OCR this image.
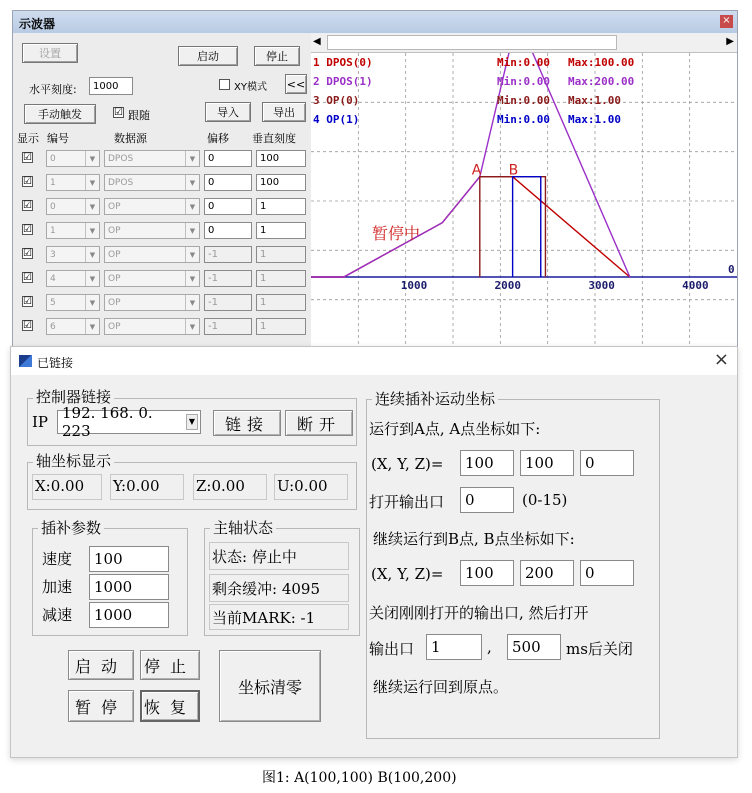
示波器	×
设置	启动	停止
水平刻度:	1000	XY模式 <<
手动触发	☑ 跟随	导入	导出
显示 编号	数据源	偏移 垂直刻度
☑ 0	▼	DPOS	▼	0	100
☑ 1	▼	DPOS	▼	0	100
☑ 0	▼	OP	▼	0	1
☑ 1	▼	OP	▼	0	1
☑ 3	▼	OP	▼	-1	1
☑ 4	▼	OP	▼	-1	1
☑ 5	▼	OP	▼	-1	1
☑ 6	▼	OP	▼	-1	1
◀	▶
1000	2000	3000	4000
0
A B
暂停中
1 DPOS(0)	Min:0.00 Max:100.00
2 DPOS(1)	Min:0.00 Max:200.00
3 OP(0)	Min:0.00 Max:1.00
4 OP(1)	Min:0.00 Max:1.00
已链接	×
控制器链接
IP 192. 168. 0. 223
▼	链接	断开
轴坐标显示
X:0.00 Y:0.00 Z:0.00 U:0.00
插补参数
速度	100
加速	1000
减速	1000
主轴状态
状态: 停止中
剩余缓冲: 4095
当前MARK: -1
启动	停止
暂停	恢复
坐标清零
连续插补运动坐标
运行到A点, A点坐标如下:
(X, Y, Z)=	100	100	0
打开输出口	0	(0-15)
继续运行到B点, B点坐标如下:
(X, Y, Z)=	100	200	0
关闭刚刚打开的输出口, 然后打开
输出口	1	,	500	ms后关闭
继续运行回到原点。
图1: A(100,100) B(100,200)
